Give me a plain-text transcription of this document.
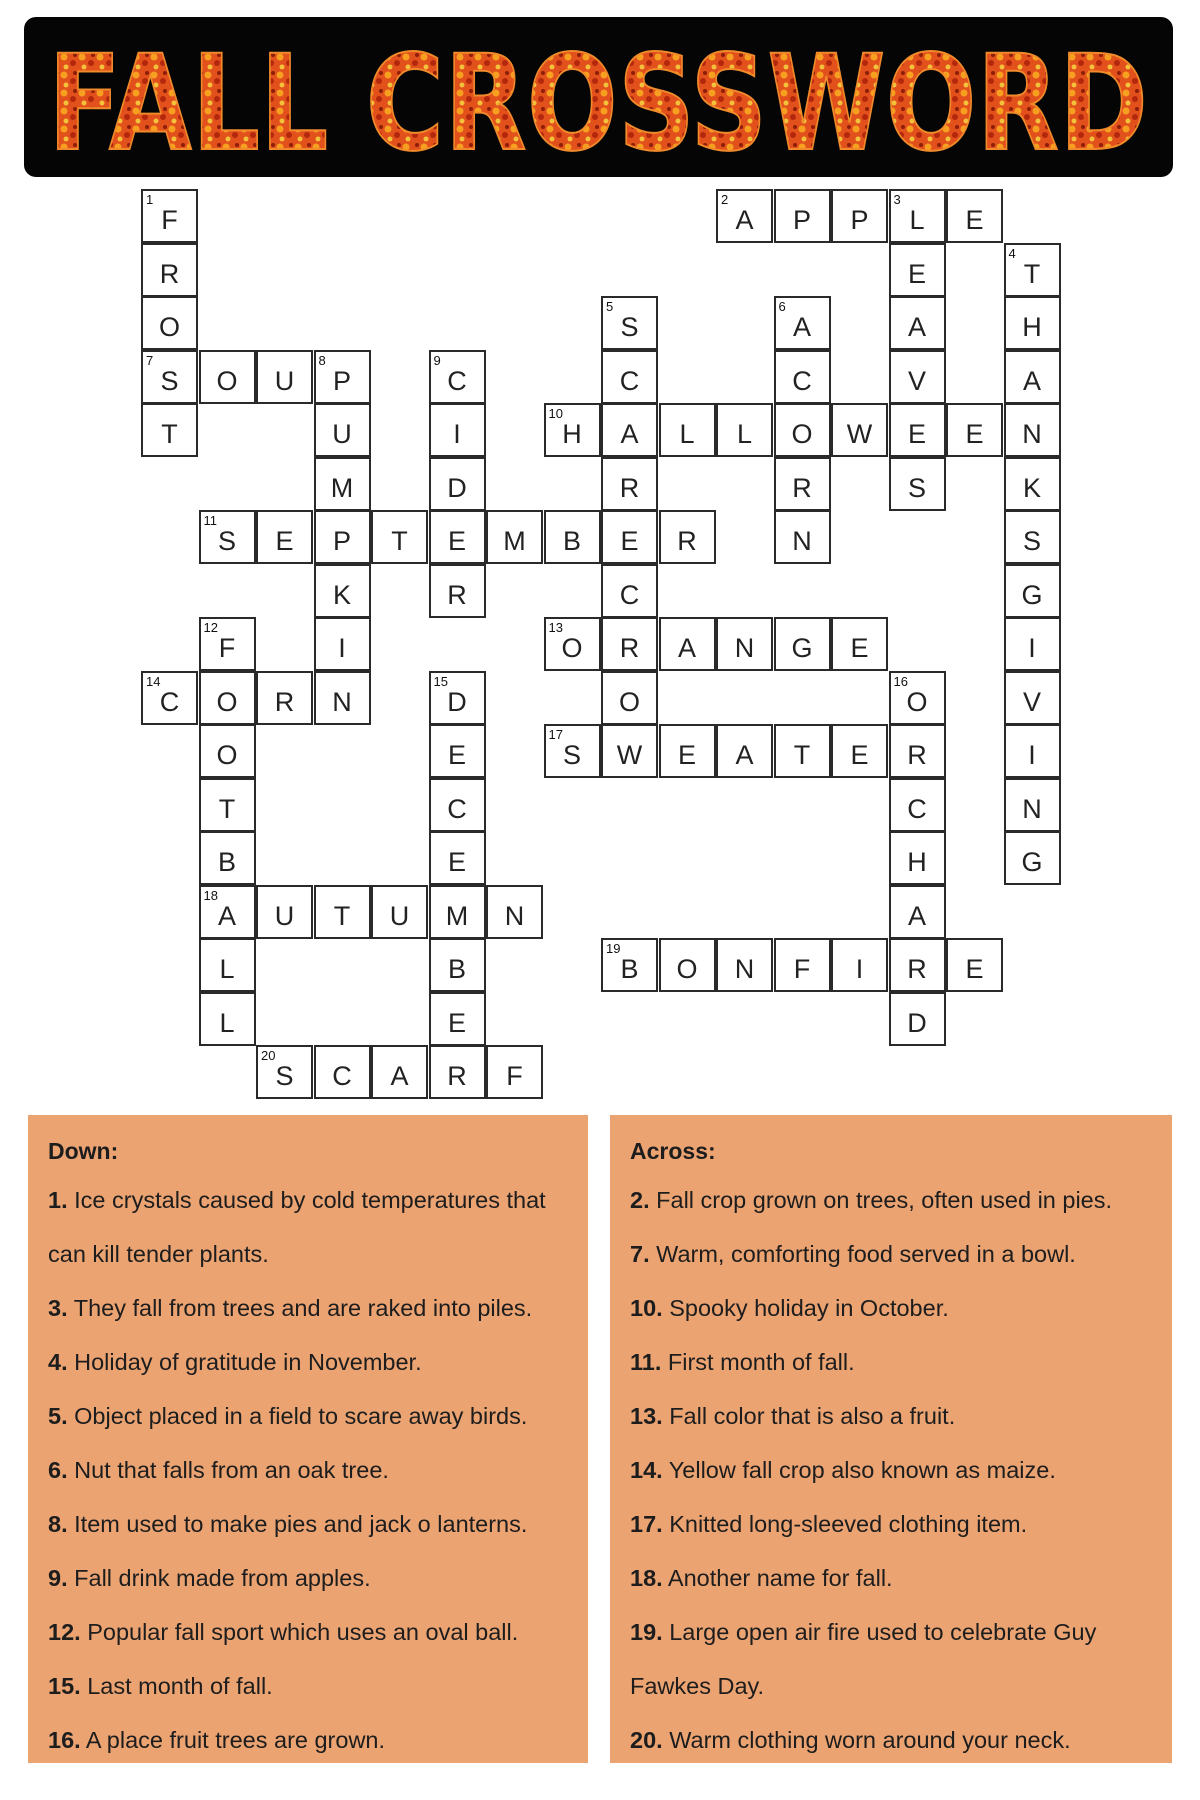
FALL CROSSWORD
1
F
R
O
7
S
T
O	U
8
P
U
M
P
K
I
N
9
C
I
D
E
R
11
S	E	T	M	B	E	R
2
A	P	P
3
L	E
E
A
V
E
S
4
T
H
A
N
K
S
G
I
V
I
N
G
5
S
C
A
R
C
R
O
6
A
C
O
R
N
10
H	L	L	W	E
13
O	A	N	G	E
12
F
O
O
T
B
18
A
L
L
14
C	R
15
D
E
C
E
M
B
E
R
U	T	U	N
20
S	C	A	F
17
S	W	E	A	T	E	R
16
O
C
H
A
R
D
19
B	O	N	F	I	E
Down:
1. Ice crystals caused by cold temperatures that
can kill tender plants.
3. They fall from trees and are raked into piles.
4. Holiday of gratitude in November.
5. Object placed in a field to scare away birds.
6. Nut that falls from an oak tree.
8. Item used to make pies and jack o lanterns.
9. Fall drink made from apples.
12. Popular fall sport which uses an oval ball.
15. Last month of fall.
16. A place fruit trees are grown.
Across:
2. Fall crop grown on trees, often used in pies.
7. Warm, comforting food served in a bowl.
10. Spooky holiday in October.
11. First month of fall.
13. Fall color that is also a fruit.
14. Yellow fall crop also known as maize.
17. Knitted long-sleeved clothing item.
18. Another name for fall.
19. Large open air fire used to celebrate Guy
Fawkes Day.
20. Warm clothing worn around your neck.
